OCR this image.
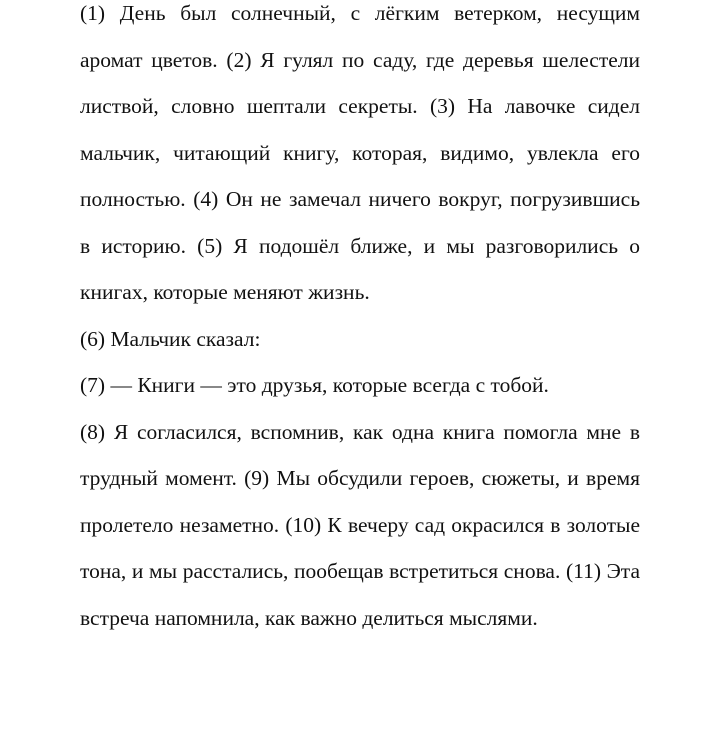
(1) День был солнечный, с лёгким ветерком, несущим аромат цветов. (2) Я гулял по саду, где деревья шелестели листвой, словно шептали секреты. (3) На лавочке сидел мальчик, читающий книгу, которая, видимо, увлекла его полностью. (4) Он не замечал ничего вокруг, погрузившись в историю. (5) Я подошёл ближе, и мы разговорились о книгах, которые меняют жизнь.

(6) Мальчик сказал:

(7) — Книги — это друзья, которые всегда с тобой.

(8) Я согласился, вспомнив, как одна книга помогла мне в трудный момент. (9) Мы обсудили героев, сюжеты, и время пролетело незаметно. (10) К вечеру сад окрасился в золотые тона, и мы расстались, пообещав встретиться снова. (11) Эта встреча напомнила, как важно делиться мыслями.
